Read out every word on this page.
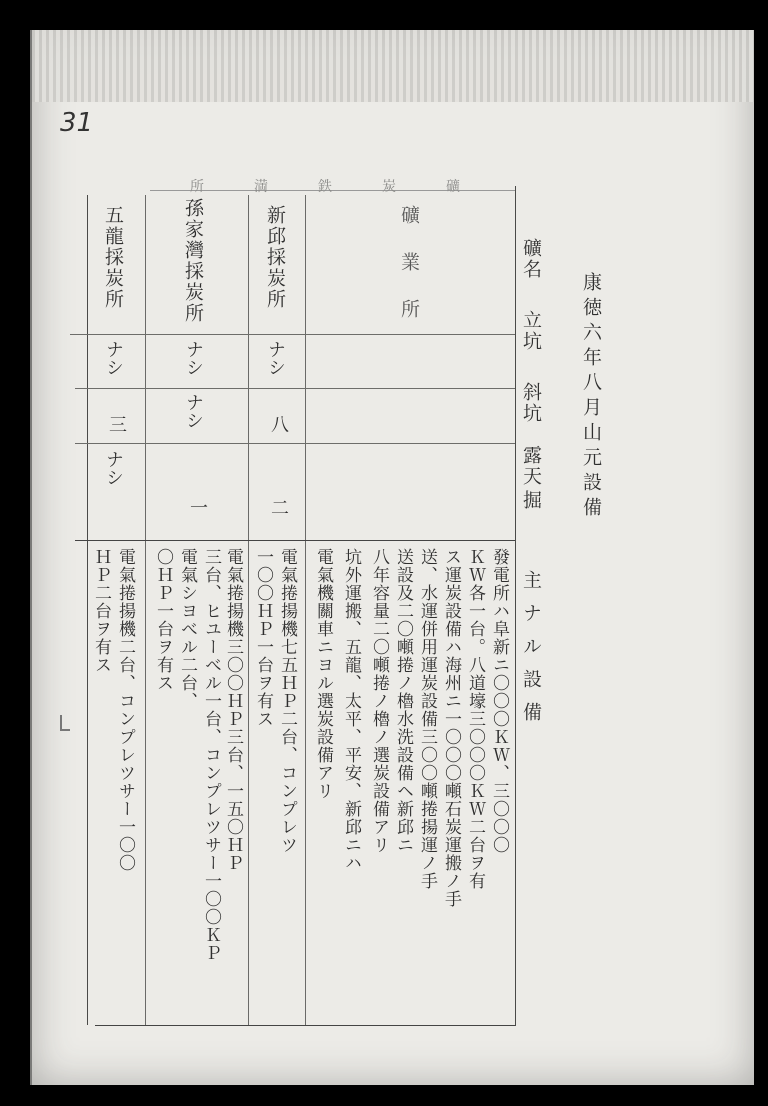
31
所　満　鉄　炭　礦
康徳六年八月山元設備
礦名
立坑
斜坑
露天
掘
主ナル設備
礦業所
新邱採炭所
ナシ
八
二
孫家灣採炭所
ナシ
ナシ
一
五龍採炭所
ナシ
三
ナシ
發電所ハ阜新ニ〇〇〇ＫＷ、三〇〇〇
ＫＷ各一台。八道壕三〇〇〇ＫＷ二台ヲ有
ス運炭設備ハ海州ニ一〇〇〇噸石炭運搬ノ手
送、水運併用運炭設備三〇〇噸捲揚運ノ手
送設及二〇噸捲ノ櫓水洗設備ヘ新邱ニ
八年容量二〇噸捲ノ櫓ノ選炭設備アリ
坑外運搬、五龍、太平、平安、新邱ニハ
電氣機關車ニヨル選炭設備アリ
電氣捲揚機七五ＨＰ二台、コンプレツ
一〇〇ＨＰ一台ヲ有ス
電氣捲揚機三〇〇ＨＰ三台、一五〇ＨＰ
三台、ヒユーべル一台、コンプレツサー一〇〇ＫＰ
電氣シヨべル二台、
〇ＨＰ一台ヲ有ス
電氣捲揚機二台、コンプレツサー一〇〇
ＨＰ二台ヲ有ス
